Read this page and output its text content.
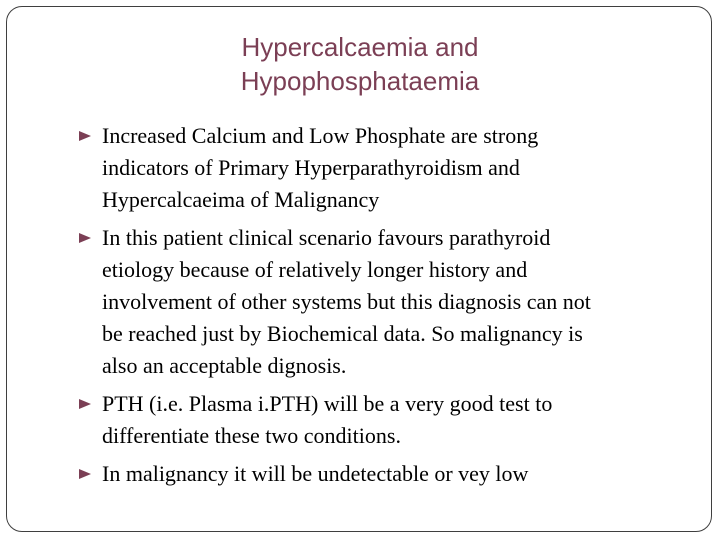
Hypercalcaemia and
Hypophosphataemia
Increased Calcium and Low Phosphate are strong
indicators of Primary Hyperparathyroidism and
Hypercalcaeima of Malignancy
In this patient clinical scenario favours parathyroid
etiology because of relatively longer history and
involvement of other systems but this diagnosis can not
be reached just by Biochemical data. So malignancy is
also an acceptable dignosis.
PTH (i.e. Plasma i.PTH) will be a very good test to
differentiate these two conditions.
In malignancy it will be undetectable or vey low
